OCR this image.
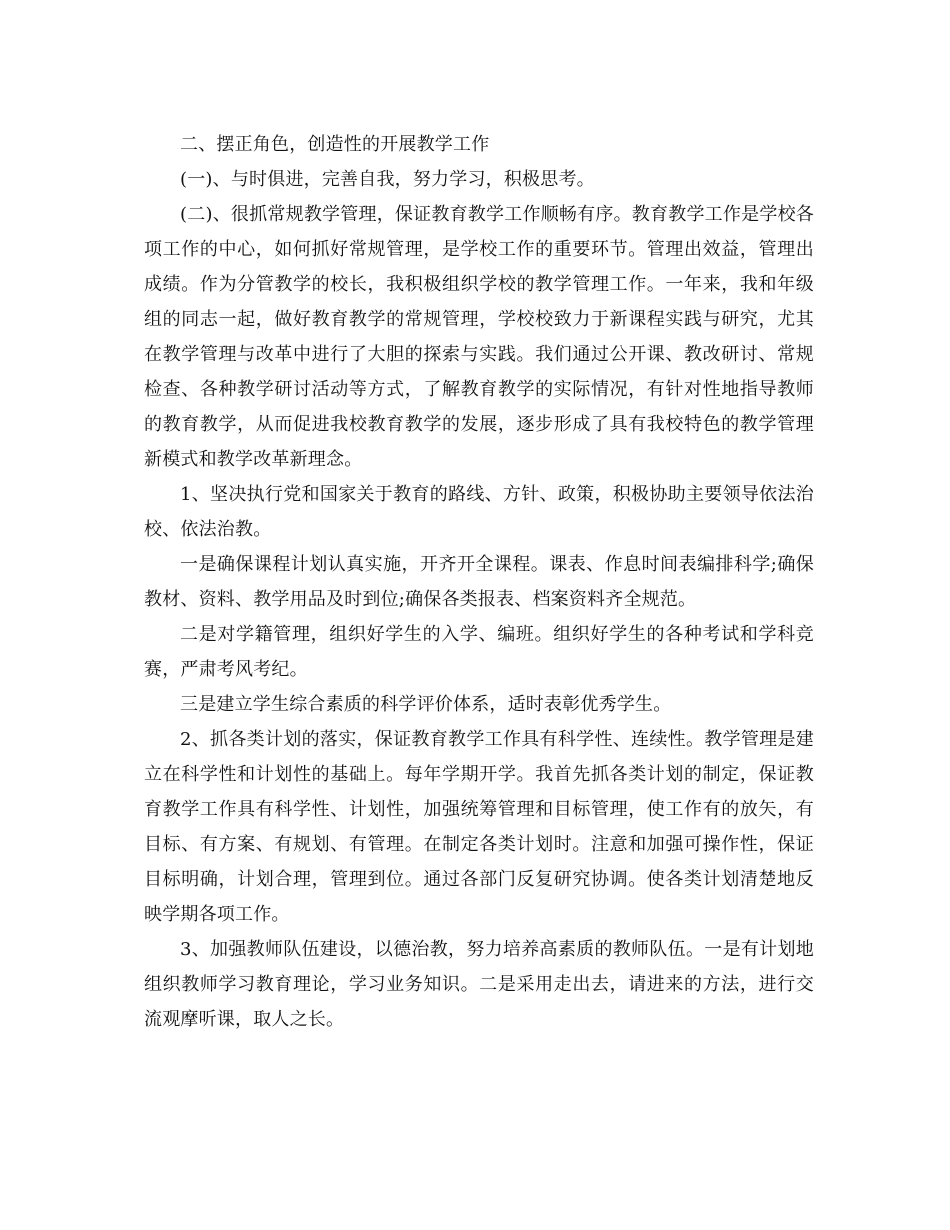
二、摆正角色，创造性的开展教学工作

(一)、与时俱进，完善自我，努力学习，积极思考。

(二)、很抓常规教学管理，保证教育教学工作顺畅有序。教育教学工作是学校各项工作的中心，如何抓好常规管理，是学校工作的重要环节。管理出效益，管理出成绩。作为分管教学的校长，我积极组织学校的教学管理工作。一年来，我和年级组的同志一起，做好教育教学的常规管理，学校校致力于新课程实践与研究，尤其在教学管理与改革中进行了大胆的探索与实践。我们通过公开课、教改研讨、常规检查、各种教学研讨活动等方式，了解教育教学的实际情况，有针对性地指导教师的教育教学，从而促进我校教育教学的发展，逐步形成了具有我校特色的教学管理新模式和教学改革新理念。

1、坚决执行党和国家关于教育的路线、方针、政策，积极协助主要领导依法治校、依法治教。

一是确保课程计划认真实施，开齐开全课程。课表、作息时间表编排科学;确保教材、资料、教学用品及时到位;确保各类报表、档案资料齐全规范。

二是对学籍管理，组织好学生的入学、编班。组织好学生的各种考试和学科竞赛，严肃考风考纪。

三是建立学生综合素质的科学评价体系，适时表彰优秀学生。

2、抓各类计划的落实，保证教育教学工作具有科学性、连续性。教学管理是建立在科学性和计划性的基础上。每年学期开学。我首先抓各类计划的制定，保证教育教学工作具有科学性、计划性，加强统筹管理和目标管理，使工作有的放矢，有目标、有方案、有规划、有管理。在制定各类计划时。注意和加强可操作性，保证目标明确，计划合理，管理到位。通过各部门反复研究协调。使各类计划清楚地反映学期各项工作。

3、加强教师队伍建设，以德治教，努力培养高素质的教师队伍。一是有计划地组织教师学习教育理论，学习业务知识。二是采用走出去，请进来的方法，进行交流观摩听课，取人之长。
